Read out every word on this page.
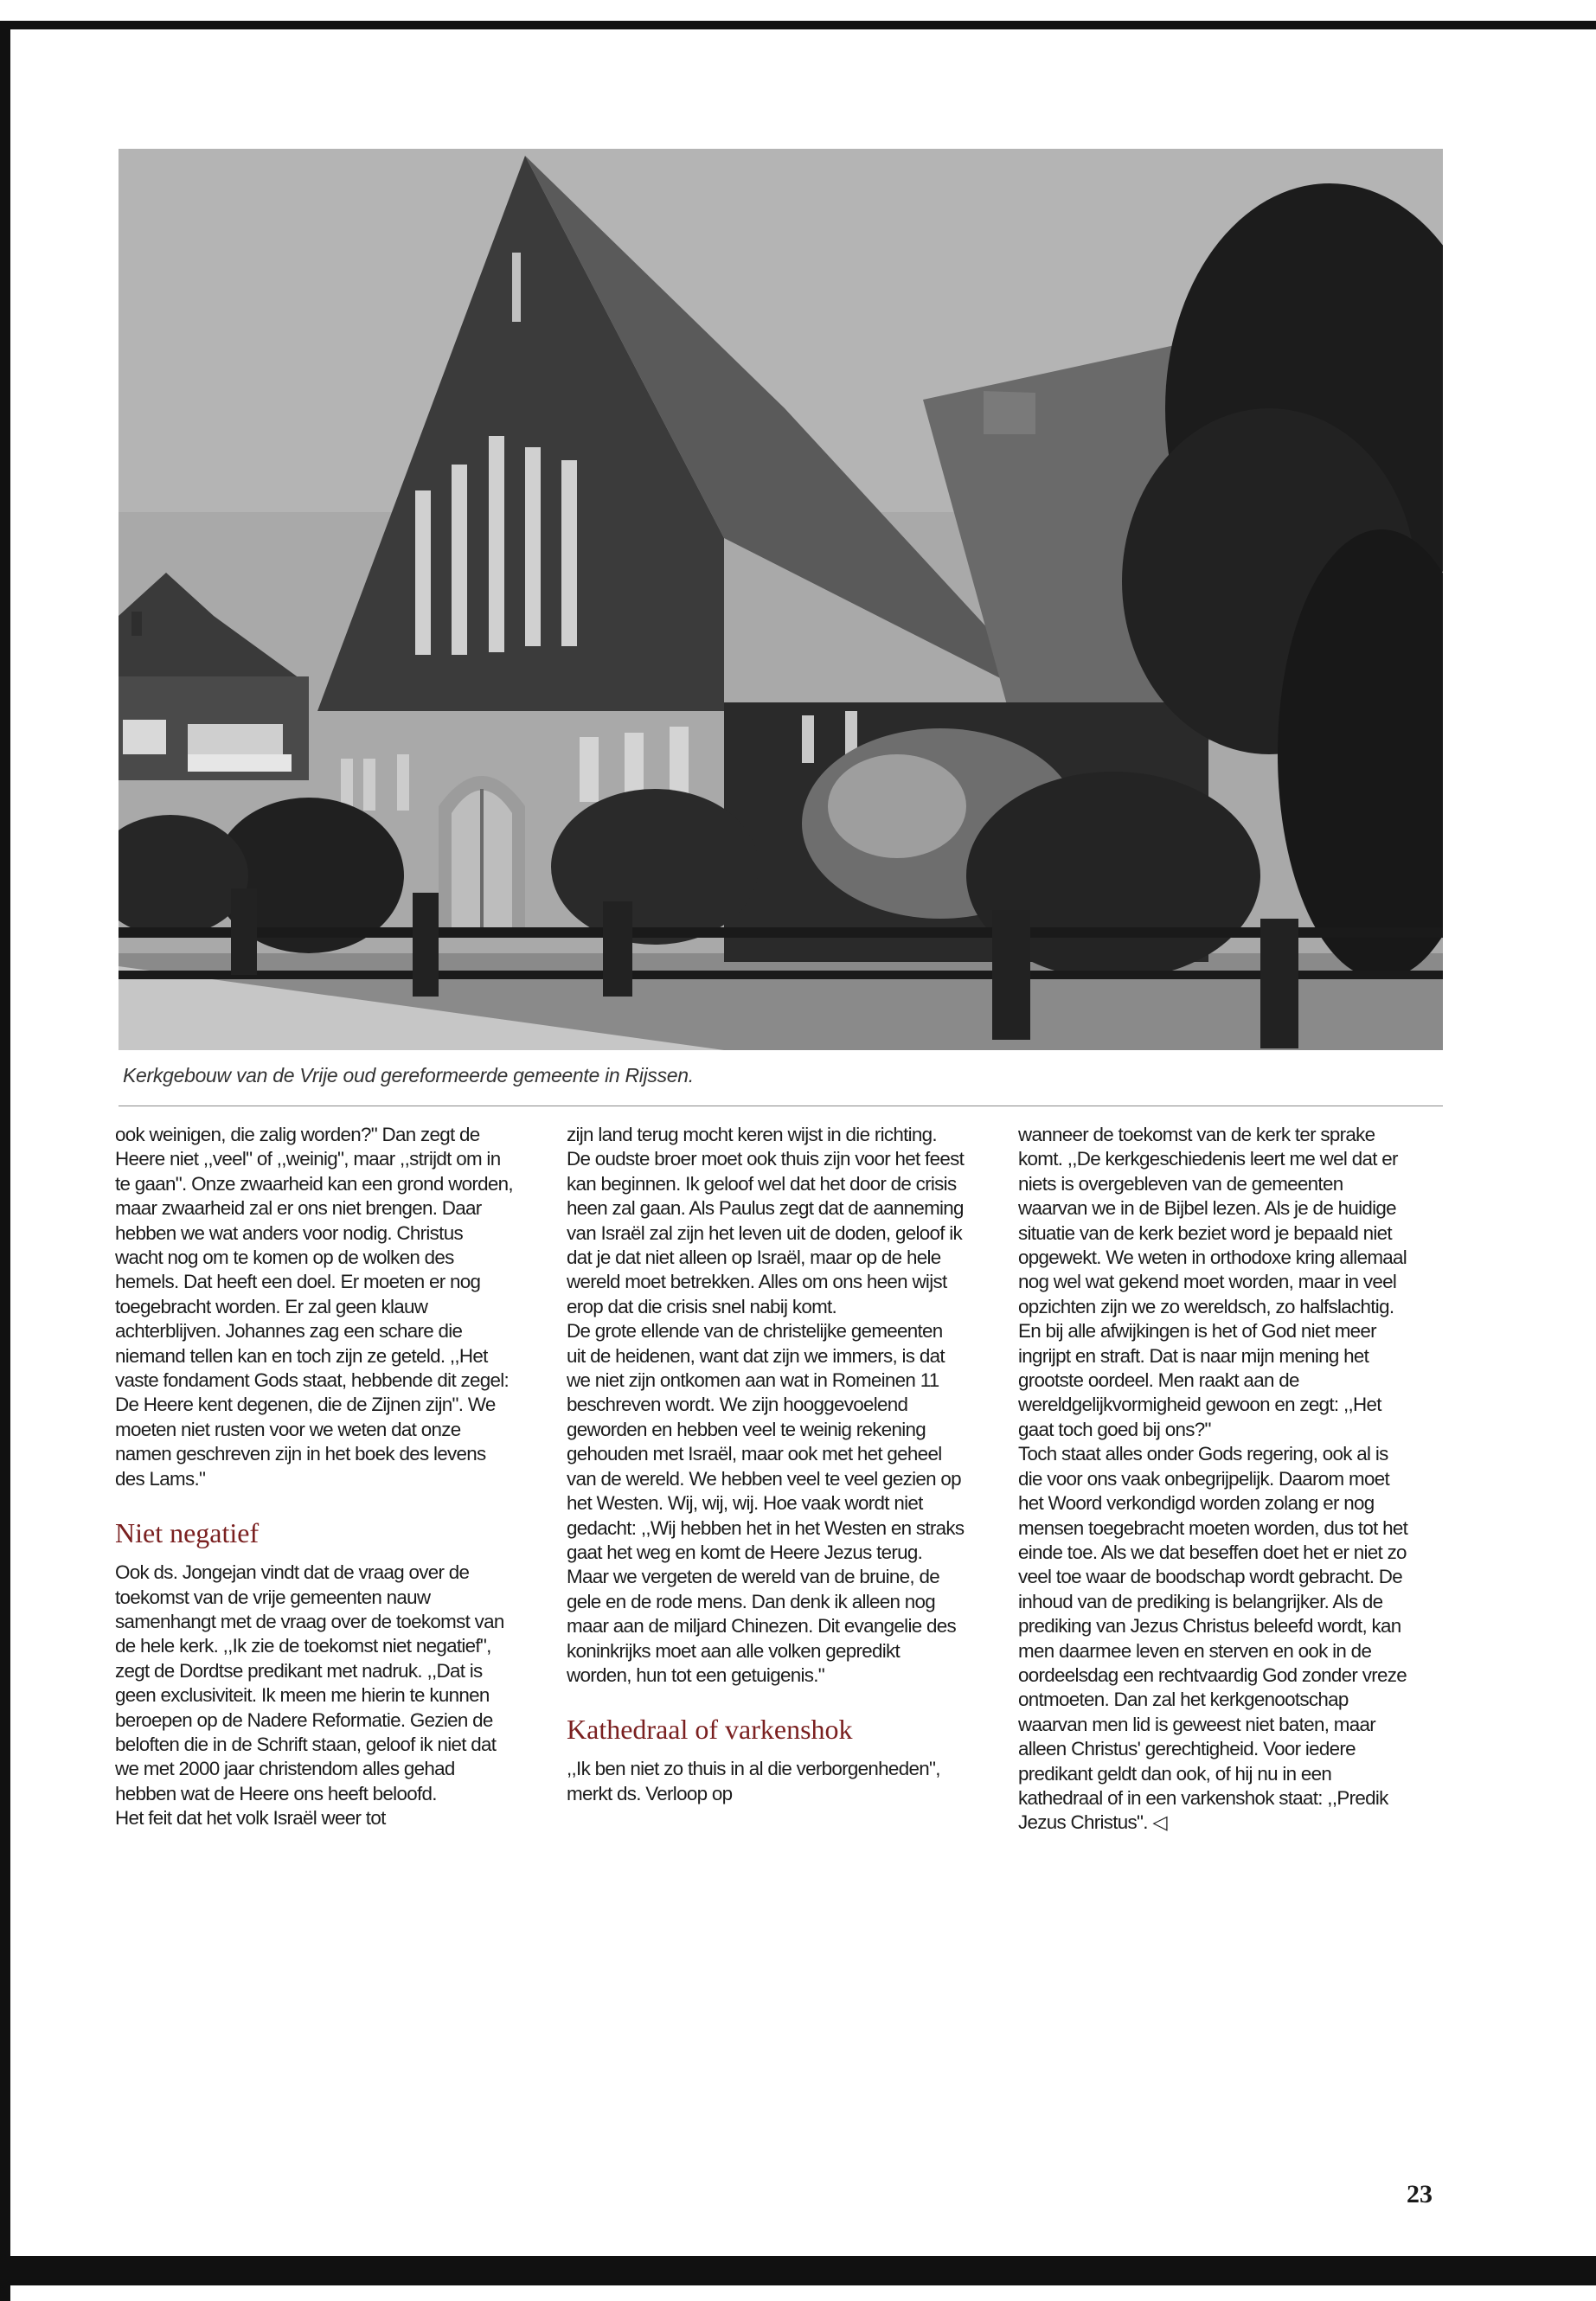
Kerkgebouw van de Vrije oud gereformeerde gemeente in Rijssen.

ook weinigen, die zalig worden?" Dan zegt de Heere niet ,,veel" of ,,weinig", maar ,,strijdt om in te gaan". Onze zwaarheid kan een grond worden, maar zwaarheid zal er ons niet brengen. Daar hebben we wat anders voor nodig. Christus wacht nog om te komen op de wolken des hemels. Dat heeft een doel. Er moeten er nog toegebracht worden. Er zal geen klauw achterblijven. Johannes zag een schare die niemand tellen kan en toch zijn ze geteld. ,,Het vaste fondament Gods staat, hebbende dit zegel: De Heere kent degenen, die de Zijnen zijn". We moeten niet rusten voor we weten dat onze namen geschreven zijn in het boek des levens des Lams."

Niet negatief

Ook ds. Jongejan vindt dat de vraag over de toekomst van de vrije gemeenten nauw samenhangt met de vraag over de toekomst van de hele kerk. ,,Ik zie de toekomst niet negatief", zegt de Dordtse predikant met nadruk. ,,Dat is geen exclusiviteit. Ik meen me hierin te kunnen beroepen op de Nadere Reformatie. Gezien de beloften die in de Schrift staan, geloof ik niet dat we met 2000 jaar christendom alles gehad hebben wat de Heere ons heeft beloofd.

Het feit dat het volk Israël weer tot

zijn land terug mocht keren wijst in die richting. De oudste broer moet ook thuis zijn voor het feest kan beginnen. Ik geloof wel dat het door de crisis heen zal gaan. Als Paulus zegt dat de aanneming van Israël zal zijn het leven uit de doden, geloof ik dat je dat niet alleen op Israël, maar op de hele wereld moet betrekken. Alles om ons heen wijst erop dat die crisis snel nabij komt.

De grote ellende van de christelijke gemeenten uit de heidenen, want dat zijn we immers, is dat we niet zijn ontkomen aan wat in Romeinen 11 beschreven wordt. We zijn hooggevoelend geworden en hebben veel te weinig rekening gehouden met Israël, maar ook met het geheel van de wereld. We hebben veel te veel gezien op het Westen. Wij, wij, wij. Hoe vaak wordt niet gedacht: ,,Wij hebben het in het Westen en straks gaat het weg en komt de Heere Jezus terug. Maar we vergeten de wereld van de bruine, de gele en de rode mens. Dan denk ik alleen nog maar aan de miljard Chinezen. Dit evangelie des koninkrijks moet aan alle volken gepredikt worden, hun tot een getuigenis."

Kathedraal of varkenshok

,,Ik ben niet zo thuis in al die verborgenheden", merkt ds. Verloop op

wanneer de toekomst van de kerk ter sprake komt. ,,De kerkgeschiedenis leert me wel dat er niets is overgebleven van de gemeenten waarvan we in de Bijbel lezen. Als je de huidige situatie van de kerk beziet word je bepaald niet opgewekt. We weten in orthodoxe kring allemaal nog wel wat gekend moet worden, maar in veel opzichten zijn we zo wereldsch, zo halfslachtig. En bij alle afwijkingen is het of God niet meer ingrijpt en straft. Dat is naar mijn mening het grootste oordeel. Men raakt aan de wereldgelijkvormigheid gewoon en zegt: ,,Het gaat toch goed bij ons?"

Toch staat alles onder Gods regering, ook al is die voor ons vaak onbegrijpelijk. Daarom moet het Woord verkondigd worden zolang er nog mensen toegebracht moeten worden, dus tot het einde toe. Als we dat beseffen doet het er niet zo veel toe waar de boodschap wordt gebracht. De inhoud van de prediking is belangrijker. Als de prediking van Jezus Christus beleefd wordt, kan men daarmee leven en sterven en ook in de oordeelsdag een rechtvaardig God zonder vreze ontmoeten. Dan zal het kerkgenootschap waarvan men lid is geweest niet baten, maar alleen Christus' gerechtigheid. Voor iedere predikant geldt dan ook, of hij nu in een kathedraal of in een varkenshok staat: ,,Predik Jezus Christus". ◁

23
